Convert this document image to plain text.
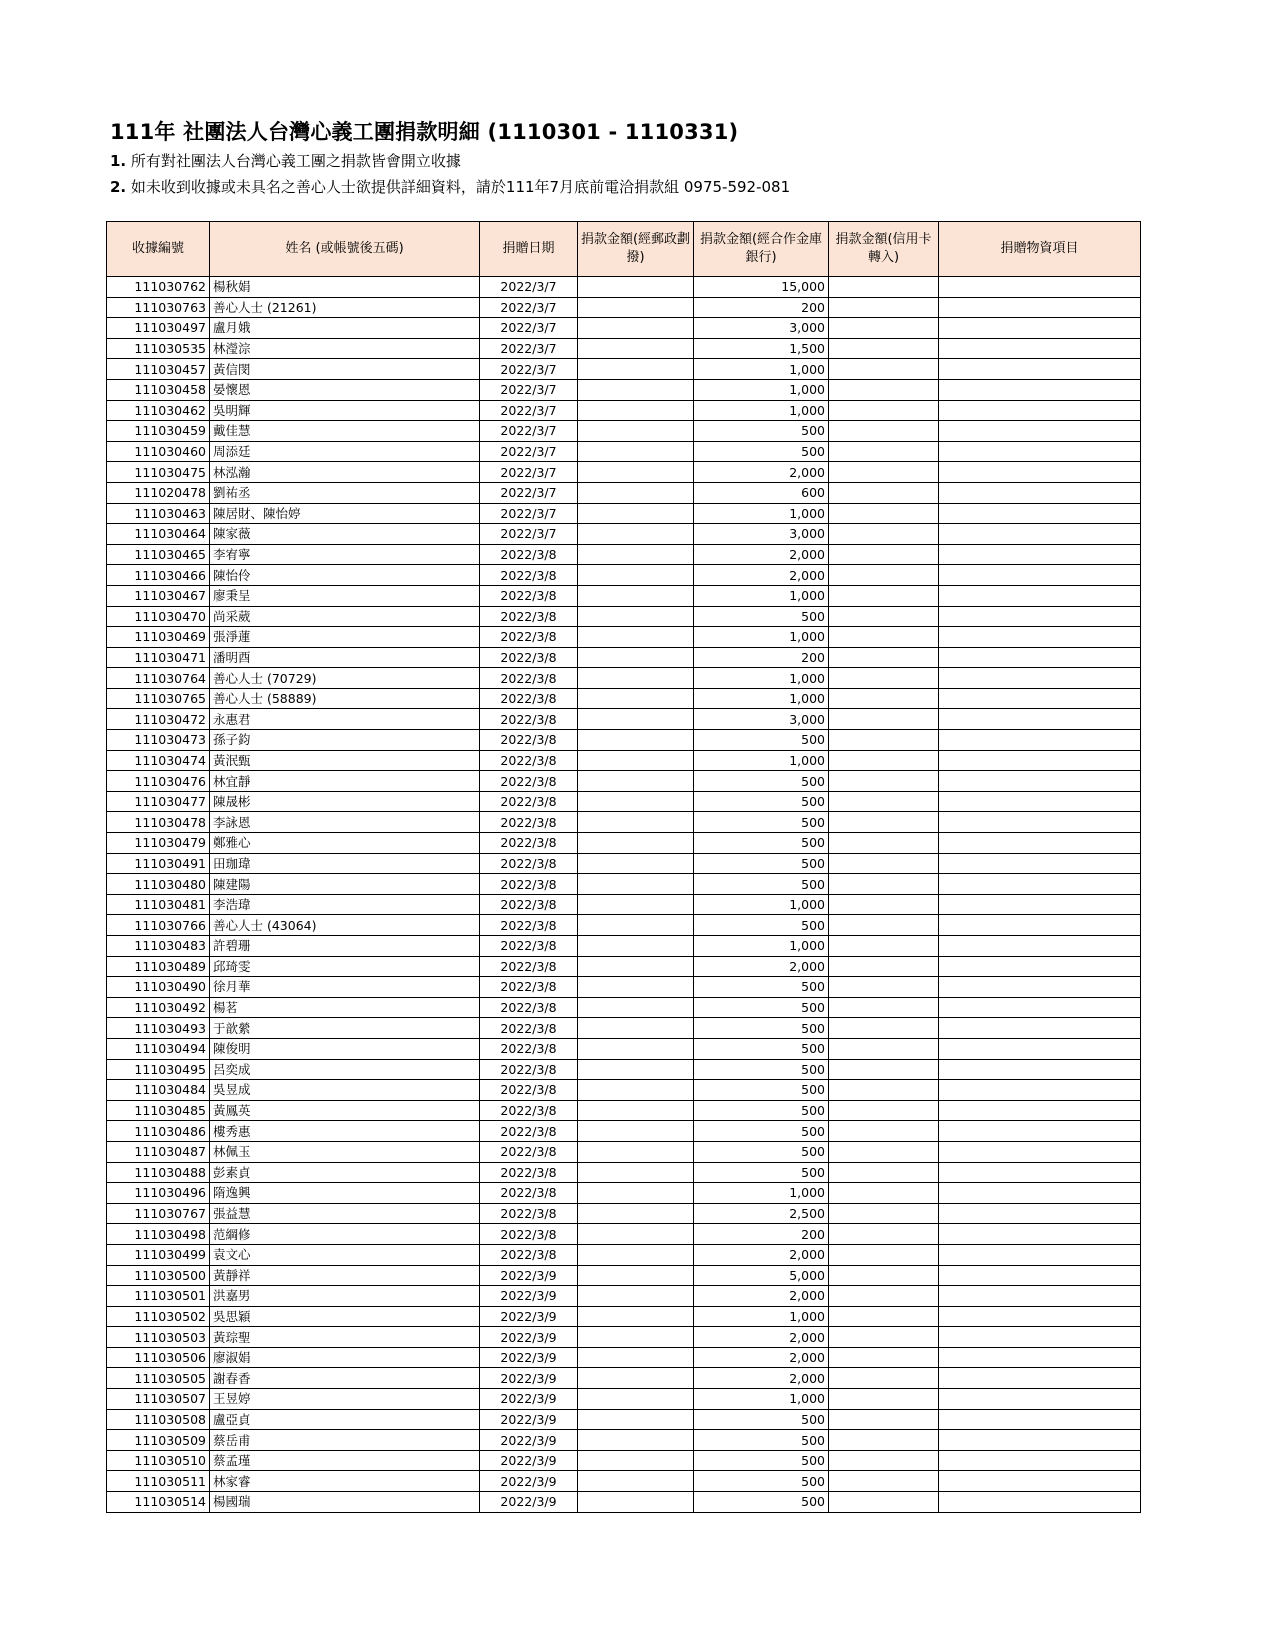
111年 社團法人台灣心義工團捐款明細 (1110301 - 1110331)

1. 所有對社團法人台灣心義工團之捐款皆會開立收據

2. 如未收到收據或未具名之善心人士欲提供詳細資料，請於111年7月底前電洽捐款組 0975-592-081

收據編號	姓名 (或帳號後五碼)	捐贈日期	捐款金額(經郵政劃撥)	捐款金額(經合作金庫銀行)	捐款金額(信用卡轉入)	捐贈物資項目
111030762	楊秋娟	2022/3/7		15,000		
111030763	善心人士 (21261)	2022/3/7		200		
111030497	盧月娥	2022/3/7		3,000		
111030535	林瀅淙	2022/3/7		1,500		
111030457	黃信閔	2022/3/7		1,000		
111030458	晏懷恩	2022/3/7		1,000		
111030462	吳明輝	2022/3/7		1,000		
111030459	戴佳慧	2022/3/7		500		
111030460	周添廷	2022/3/7		500		
111030475	林泓瀚	2022/3/7		2,000		
111020478	劉祐丞	2022/3/7		600		
111030463	陳居財、陳怡婷	2022/3/7		1,000		
111030464	陳家薇	2022/3/7		3,000		
111030465	李宥寧	2022/3/8		2,000		
111030466	陳怡伶	2022/3/8		2,000		
111030467	廖秉呈	2022/3/8		1,000		
111030470	尚采葳	2022/3/8		500		
111030469	張淨蓮	2022/3/8		1,000		
111030471	潘明酉	2022/3/8		200		
111030764	善心人士 (70729)	2022/3/8		1,000		
111030765	善心人士 (58889)	2022/3/8		1,000		
111030472	永惠君	2022/3/8		3,000		
111030473	孫子鈞	2022/3/8		500		
111030474	黃泯甄	2022/3/8		1,000		
111030476	林宜靜	2022/3/8		500		
111030477	陳晟彬	2022/3/8		500		
111030478	李詠恩	2022/3/8		500		
111030479	鄭雅心	2022/3/8		500		
111030491	田珈瑋	2022/3/8		500		
111030480	陳建陽	2022/3/8		500		
111030481	李浩瑋	2022/3/8		1,000		
111030766	善心人士 (43064)	2022/3/8		500		
111030483	許碧珊	2022/3/8		1,000		
111030489	邱琦雯	2022/3/8		2,000		
111030490	徐月華	2022/3/8		500		
111030492	楊茗	2022/3/8		500		
111030493	于歆縈	2022/3/8		500		
111030494	陳俊明	2022/3/8		500		
111030495	呂奕成	2022/3/8		500		
111030484	吳昱成	2022/3/8		500		
111030485	黃鳳英	2022/3/8		500		
111030486	樓秀惠	2022/3/8		500		
111030487	林佩玉	2022/3/8		500		
111030488	彭素貞	2022/3/8		500		
111030496	隋逸興	2022/3/8		1,000		
111030767	張益慧	2022/3/8		2,500		
111030498	范綱修	2022/3/8		200		
111030499	袁文心	2022/3/8		2,000		
111030500	黃靜祥	2022/3/9		5,000		
111030501	洪嘉男	2022/3/9		2,000		
111030502	吳思穎	2022/3/9		1,000		
111030503	黃琮聖	2022/3/9		2,000		
111030506	廖淑娟	2022/3/9		2,000		
111030505	謝春香	2022/3/9		2,000		
111030507	王昱婷	2022/3/9		1,000		
111030508	盧亞貞	2022/3/9		500		
111030509	蔡岳甫	2022/3/9		500		
111030510	蔡孟瑾	2022/3/9		500		
111030511	林家睿	2022/3/9		500		
111030514	楊國瑞	2022/3/9		500		
